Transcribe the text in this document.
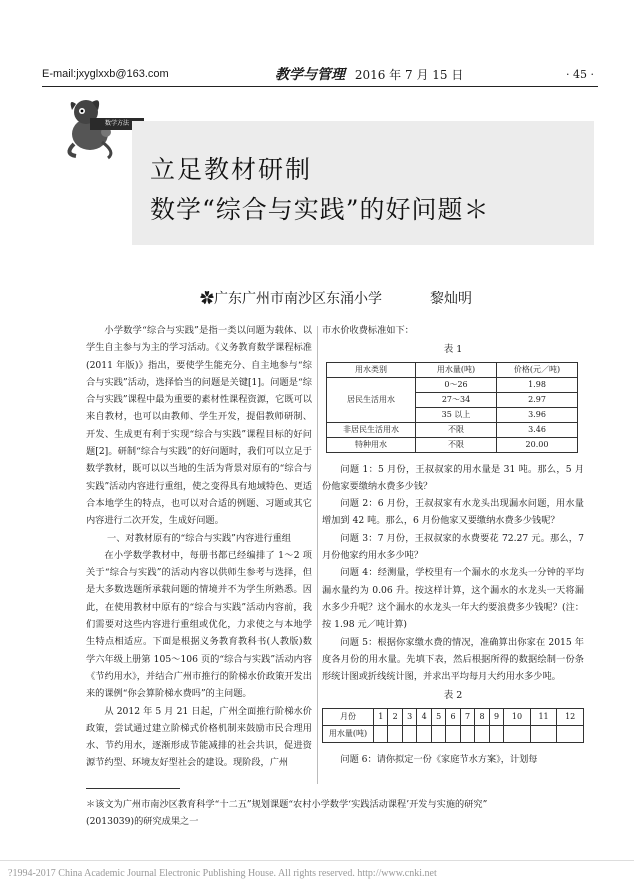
E-mail:jxyglxxb@163.com	教学与管理 2016 年 7 月 15 日	· 45 ·
数学方法
立足教材研制
数学“综合与实践”的好问题＊
✿广东广州市南沙区东涌小学	黎灿明

小学数学“综合与实践”是指一类以问题为载体、以学生自主参与为主的学习活动。《义务教育数学课程标准(2011 年版)》指出，要使学生能充分、自主地参与“综合与实践”活动，选择恰当的问题是关键[1]。问题是“综合与实践”课程中最为重要的素材性课程资源，它既可以来自教材，也可以由教师、学生开发，提倡教师研制、开发、生成更有利于实现“综合与实践”课程目标的好问题[2]。研制“综合与实践”的好问题时，我们可以立足于数学教材，既可以以当地的生活为背景对原有的“综合与实践”活动内容进行重组，使之变得具有地域特色、更适合本地学生的特点，也可以对合适的例题、习题或其它内容进行二次开发，生成好问题。

一、对教材原有的“综合与实践”内容进行重组

在小学数学教材中，每册书都已经编排了 1～2 项关于“综合与实践”的活动内容以供师生参考与选择，但是大多数选题所承载问题的情境并不为学生所熟悉。因此，在使用教材中原有的“综合与实践”活动内容前，我们需要对这些内容进行重组或优化，力求使之与本地学生特点相适应。下面是根据义务教育教科书(人教版)数学六年级上册第 105～106 页的“综合与实践”活动内容《节约用水》，并结合广州市推行的阶梯水价政策开发出来的课例“你会算阶梯水费吗”的主问题。

从 2012 年 5 月 21 日起，广州全面推行阶梯水价政策，尝试通过建立阶梯式价格机制来鼓励市民合理用水、节约用水，逐渐形成节能减排的社会共识，促进资源节约型、环境友好型社会的建设。现阶段，广州

市水价收费标准如下：

表 1

用水类别	用水量(吨)	价格(元／吨)
居民生活用水	0～26	1.98
	27～34	2.97
	35 以上	3.96
非居民生活用水	不限	3.46
特种用水	不限	20.00

问题 1：5 月份，王叔叔家的用水量是 31 吨。那么，5 月份他家要缴纳水费多少钱？

问题 2：6 月份，王叔叔家有水龙头出现漏水问题，用水量增加到 42 吨。那么，6 月份他家又要缴纳水费多少钱呢？

问题 3：7 月份，王叔叔家的水费要花 72.27 元。那么，7 月份他家约用水多少吨？

问题 4：经测量，学校里有一个漏水的水龙头一分钟的平均漏水量约为 0.06 升。按这样计算，这个漏水的水龙头一天将漏水多少升呢？这个漏水的水龙头一年大约要浪费多少钱呢？(注：按 1.98 元／吨计算)

问题 5：根据你家缴水费的情况，准确算出你家在 2015 年度各月份的用水量。先填下表，然后根据所得的数据绘制一份条形统计图或折线统计图，并求出平均每月大约用水多少吨。

表 2

月份	1	2	3	4	5	6	7	8	9	10	11	12
用水量(吨)												

问题 6：请你拟定一份《家庭节水方案》，计划每

＊该文为广州市南沙区教育科学“十二五”规划课题“农村小学数学‘实践活动课程’开发与实施的研究”

(2013039)的研究成果之一

?1994-2017 China Academic Journal Electronic Publishing House. All rights reserved. http://www.cnki.net
